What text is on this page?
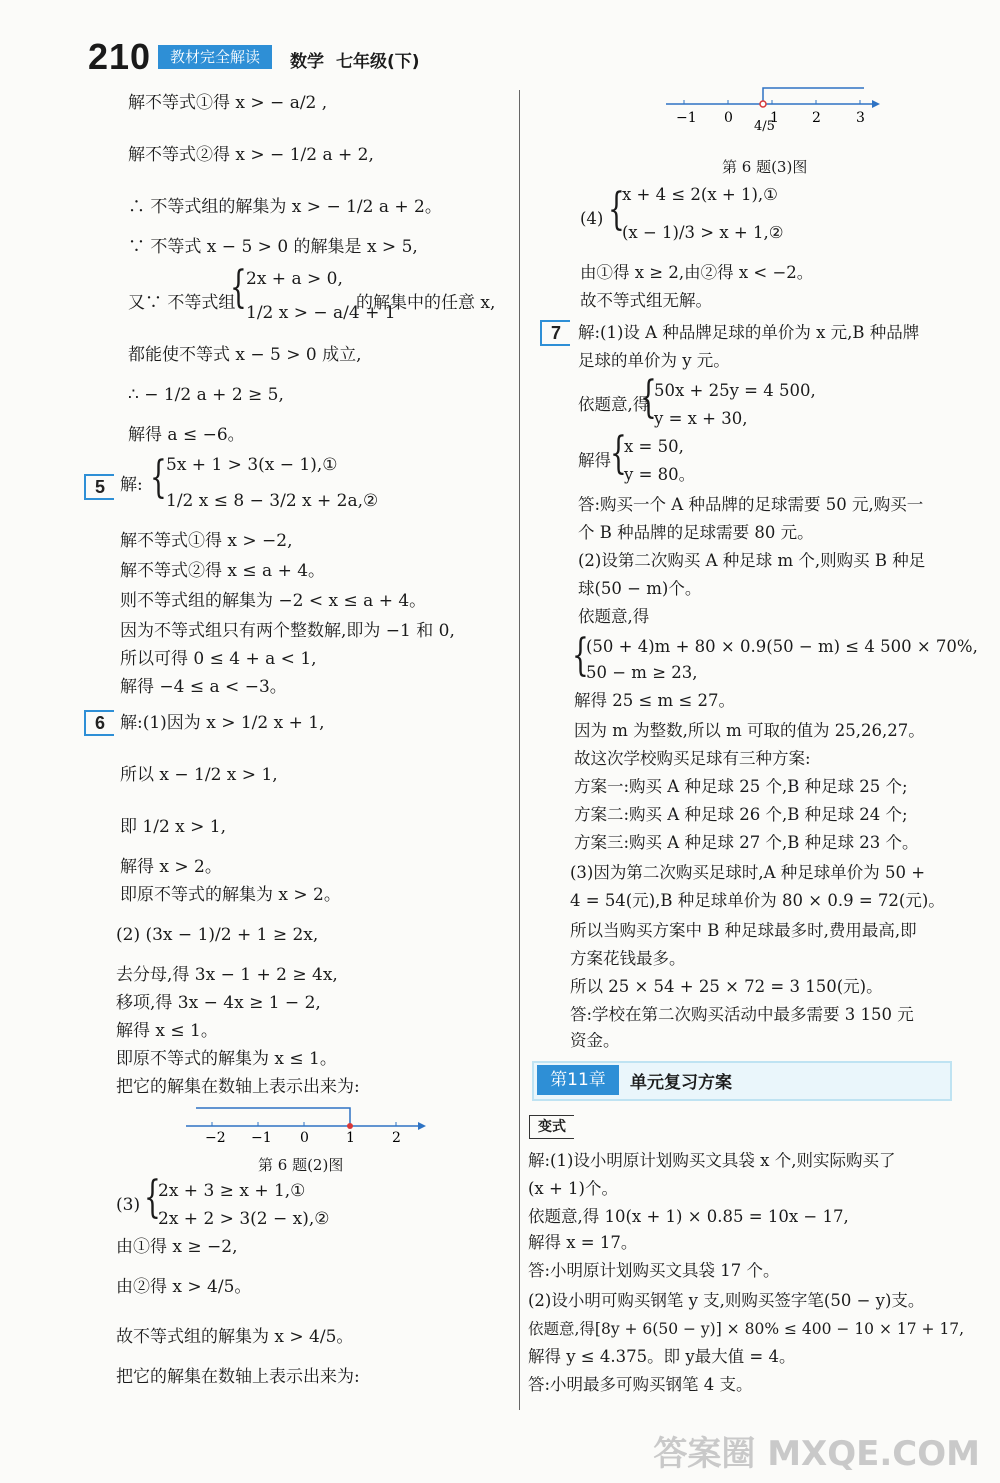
210	教材完全解读	数学 七年级(下)
解不等式①得 x > − a/2 ,
解不等式②得 x > − 1/2 a + 2,
∴ 不等式组的解集为 x > − 1/2 a + 2。
∵ 不等式 x − 5 > 0 的解集是 x > 5,
又∵ 不等式组
{ 2x + a > 0,
1/2 x > − a/4 + 1
的解集中的任意 x,
都能使不等式 x − 5 > 0 成立,
∴ − 1/2 a + 2 ≥ 5,
解得 a ≤ −6。
5 解: { 5x + 1 > 3(x − 1),①
1/2 x ≤ 8 − 3/2 x + 2a,②
解不等式①得 x > −2,
解不等式②得 x ≤ a + 4。
则不等式组的解集为 −2 < x ≤ a + 4。
因为不等式组只有两个整数解,即为 −1 和 0,
所以可得 0 ≤ 4 + a < 1,
解得 −4 ≤ a < −3。
6 解:(1)因为 x > 1/2 x + 1,
所以 x − 1/2 x > 1,
即 1/2 x > 1,
解得 x > 2。
即原不等式的解集为 x > 2。
(2) (3x − 1)/2 + 1 ≥ 2x,
去分母,得 3x − 1 + 2 ≥ 4x,
移项,得 3x − 4x ≥ 1 − 2,
解得 x ≤ 1。
即原不等式的解集为 x ≤ 1。
把它的解集在数轴上表示出来为:
−2 −1 0	1	2
第 6 题(2)图
(3) {
2x + 3 ≥ x + 1,①
2x + 2 > 3(2 − x),②
由①得 x ≥ −2,
由②得 x > 4/5。
故不等式组的解集为 x > 4/5。
把它的解集在数轴上表示出来为:
−1 0
4/5
1 2	3
第 6 题(3)图
(4) {
x + 4 ≤ 2(x + 1),①
(x − 1)/3 > x + 1,②
由①得 x ≥ 2,由②得 x < −2。
故不等式组无解。
7	解:(1)设 A 种品牌足球的单价为 x 元,B 种品牌
足球的单价为 y 元。
依题意,得
{
50x + 25y = 4 500,
y = x + 30,
解得 {
x = 50,
y = 80。
答:购买一个 A 种品牌的足球需要 50 元,购买一
个 B 种品牌的足球需要 80 元。
(2)设第二次购买 A 种足球 m 个,则购买 B 种足
球(50 − m)个。
依题意,得
{
(50 + 4)m + 80 × 0.9(50 − m) ≤ 4 500 × 70%,
50 − m ≥ 23,
解得 25 ≤ m ≤ 27。
因为 m 为整数,所以 m 可取的值为 25,26,27。
故这次学校购买足球有三种方案:
方案一:购买 A 种足球 25 个,B 种足球 25 个;
方案二:购买 A 种足球 26 个,B 种足球 24 个;
方案三:购买 A 种足球 27 个,B 种足球 23 个。
(3)因为第二次购买足球时,A 种足球单价为 50 +
4 = 54(元),B 种足球单价为 80 × 0.9 = 72(元)。
所以当购买方案中 B 种足球最多时,费用最高,即
方案花钱最多。
所以 25 × 54 + 25 × 72 = 3 150(元)。
答:学校在第二次购买活动中最多需要 3 150 元
资金。
第11章	单元复习方案
变式
解:(1)设小明原计划购买文具袋 x 个,则实际购买了
(x + 1)个。
依题意,得 10(x + 1) × 0.85 = 10x − 17,
解得 x = 17。
答:小明原计划购买文具袋 17 个。
(2)设小明可购买钢笔 y 支,则购买签字笔(50 − y)支。
依题意,得[8y + 6(50 − y)] × 80% ≤ 400 − 10 × 17 + 17,
解得 y ≤ 4.375。即 y最大值 = 4。
答:小明最多可购买钢笔 4 支。
答案圈 MXQE.COM
